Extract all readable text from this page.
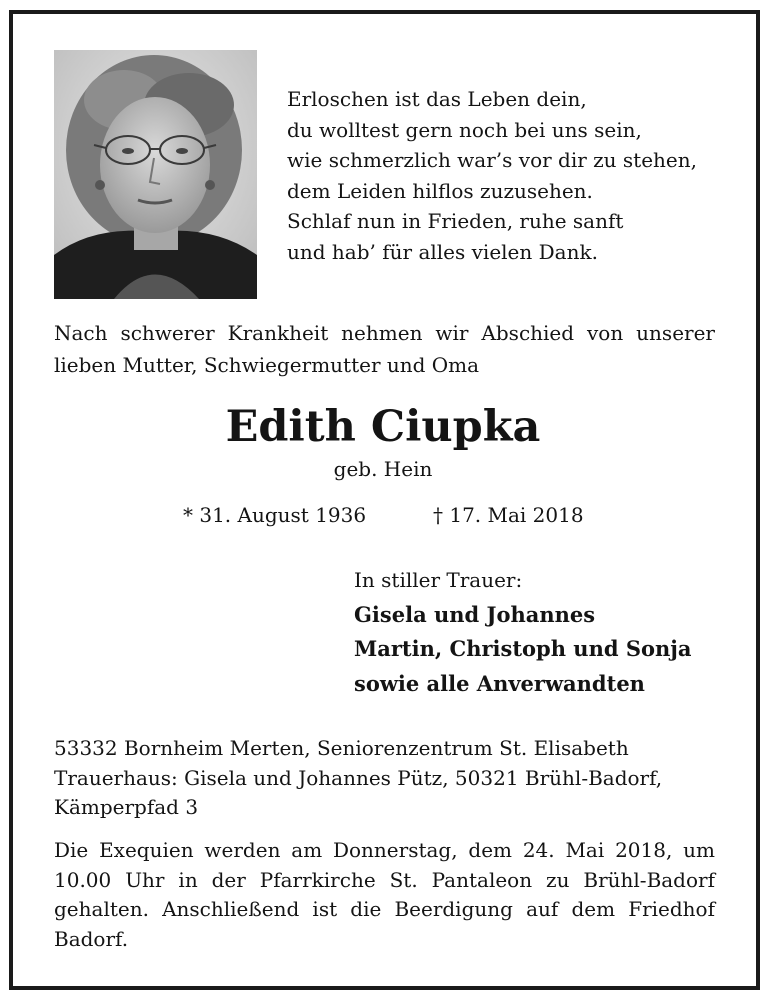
Erloschen ist das Leben dein,
du wolltest gern noch bei uns sein,
wie schmerzlich war’s vor dir zu stehen,
dem Leiden hilflos zuzusehen.
Schlaf nun in Frieden, ruhe sanft
und hab’ für alles vielen Dank.
Nach schwerer Krankheit nehmen wir Abschied von unserer
lieben Mutter, Schwiegermutter und Oma
Edith Ciupka
geb. Hein
* 31. August 1936	† 17. Mai 2018
In stiller Trauer:
Gisela und Johannes
Martin, Christoph und Sonja
sowie alle Anverwandten
53332 Bornheim Merten, Seniorenzentrum St. Elisabeth
Trauerhaus: Gisela und Johannes Pütz, 50321 Brühl-Badorf,
Kämperpfad 3
Die Exequien werden am Donnerstag, dem 24. Mai 2018, um
10.00 Uhr in der Pfarrkirche St. Pantaleon zu Brühl-Badorf
gehalten. Anschließend ist die Beerdigung auf dem Friedhof
Badorf.
